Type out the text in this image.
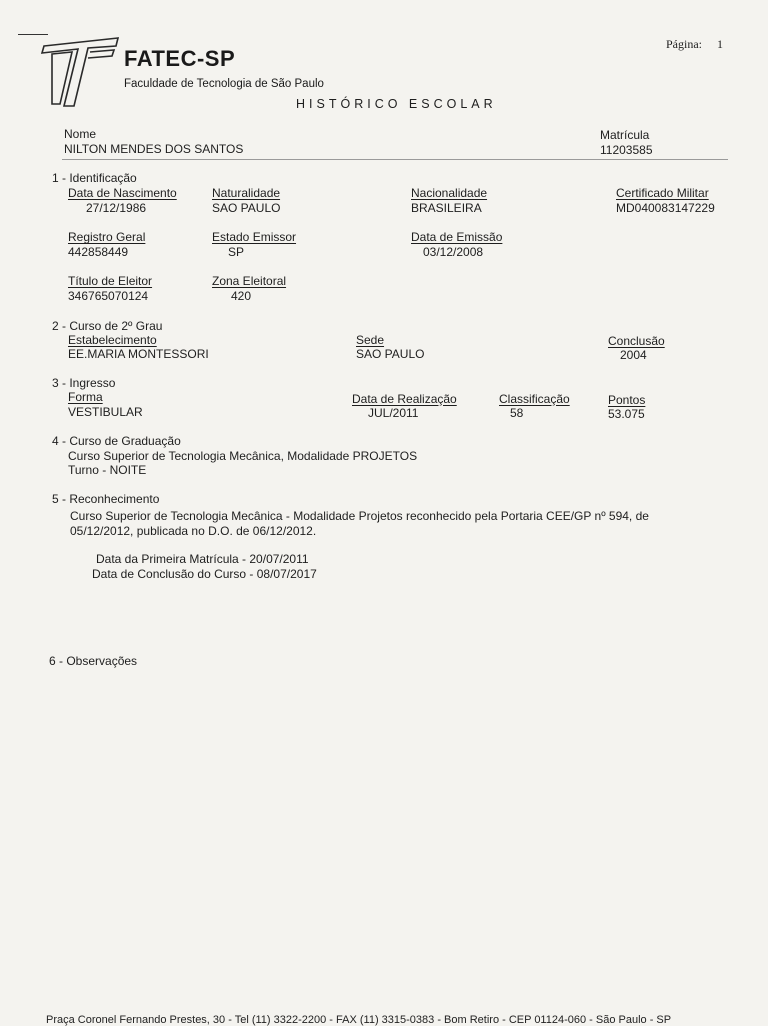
FATEC-SP
Faculdade de Tecnologia de São Paulo
HISTÓRICO ESCOLAR
Página: 1
Nome
NILTON MENDES DOS SANTOS
Matrícula
11203585
1 - Identificação
Data de Nascimento
27/12/1986
Naturalidade
SAO PAULO
Nacionalidade
BRASILEIRA
Certificado Militar
MD040083147229
Registro Geral
442858449
Estado Emissor
SP
Data de Emissão
03/12/2008
Título de Eleitor
346765070124
Zona Eleitoral
420
2 - Curso de 2º Grau
Estabelecimento
EE.MARIA MONTESSORI
Sede
SAO PAULO
Conclusão
2004
3 - Ingresso
Forma
VESTIBULAR
Data de Realização
JUL/2011
Classificação
58
Pontos
53.075
4 - Curso de Graduação
Curso Superior de Tecnologia Mecânica, Modalidade PROJETOS
Turno - NOITE
5 - Reconhecimento
Curso Superior de Tecnologia Mecânica - Modalidade Projetos reconhecido pela Portaria CEE/GP nº 594, de
05/12/2012, publicada no D.O. de 06/12/2012.
Data da Primeira Matrícula - 20/07/2011
Data de Conclusão do Curso - 08/07/2017
6 - Observações
Praça Coronel Fernando Prestes, 30 - Tel (11) 3322-2200 - FAX (11) 3315-0383 - Bom Retiro - CEP 01124-060 - São Paulo - SP
